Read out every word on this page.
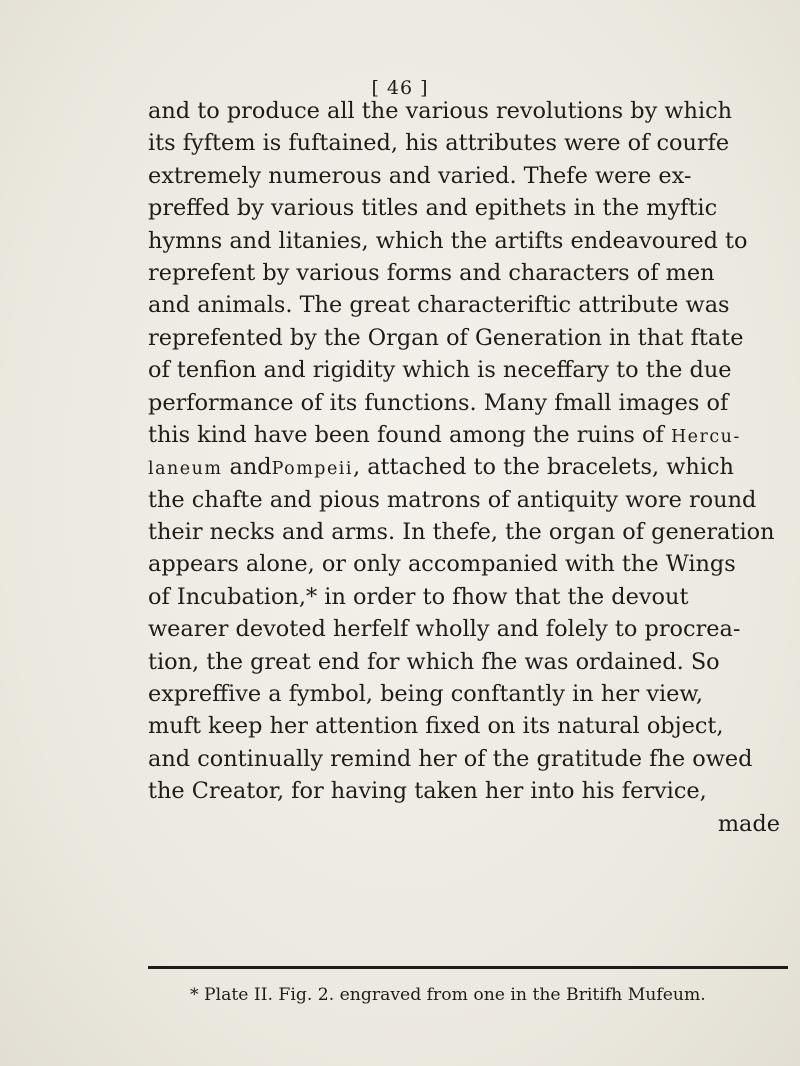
[ 46 ]
and to produce all the various revolutions by which
its fyftem is fuftained, his attributes were of courfe
extremely numerous and varied. Thefe were ex-
preffed by various titles and epithets in the myftic
hymns and litanies, which the artifts endeavoured to
reprefent by various forms and characters of men
and animals. The great characteriftic attribute was
reprefented by the Organ of Generation in that ftate
of tenfion and rigidity which is neceffary to the due
performance of its functions. Many fmall images of
this kind have been found among the ruins of Hercu-
laneum andPompeii, attached to the bracelets, which
the chafte and pious matrons of antiquity wore round
their necks and arms. In thefe, the organ of generation
appears alone, or only accompanied with the Wings
of Incubation,* in order to fhow that the devout
wearer devoted herfelf wholly and folely to procrea-
tion, the great end for which fhe was ordained. So
expreffive a fymbol, being conftantly in her view,
muft keep her attention fixed on its natural object,
and continually remind her of the gratitude fhe owed
the Creator, for having taken her into his fervice,
made
* Plate II. Fig. 2. engraved from one in the Britifh Mufeum.
